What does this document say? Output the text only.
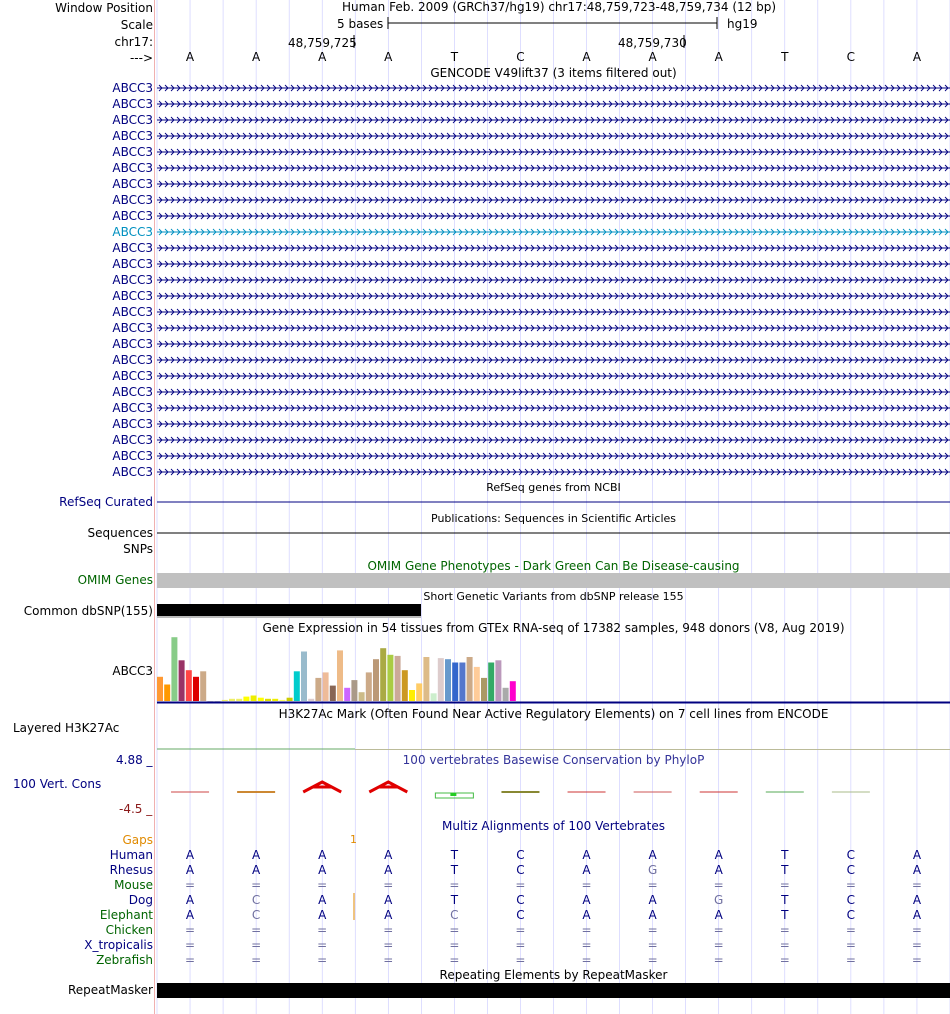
Window Position
Scale
chr17:
--->
Human Feb. 2009 (GRCh37/hg19) chr17:48,759,723-48,759,734 (12 bp)
5 bases	hg19
48,759,725	48,759,730
A	A	A	A	T	C	A	A	A	T	C	A
GENCODE V49lift37 (3 items filtered out)
ABCC3
ABCC3
ABCC3
ABCC3
ABCC3
ABCC3
ABCC3
ABCC3
ABCC3
ABCC3
ABCC3
ABCC3
ABCC3
ABCC3
ABCC3
ABCC3
ABCC3
ABCC3
ABCC3
ABCC3
ABCC3
ABCC3
ABCC3
ABCC3
ABCC3
RefSeq genes from NCBI
RefSeq Curated
Publications: Sequences in Scientific Articles
Sequences
SNPs
OMIM Gene Phenotypes - Dark Green Can Be Disease-causing
OMIM Genes
Short Genetic Variants from dbSNP release 155
Common dbSNP(155)
Gene Expression in 54 tissues from GTEx RNA-seq of 17382 samples, 948 donors (V8, Aug 2019)
ABCC3
H3K27Ac Mark (Often Found Near Active Regulatory Elements) on 7 cell lines from ENCODE
Layered H3K27Ac
100 vertebrates Basewise Conservation by PhyloP
4.88 _
100 Vert. Cons
-4.5 _
Multiz Alignments of 100 Vertebrates
Gaps	1
Human	A	A	A	A	T	C	A	A	A	T	C	A
Rhesus	A	A	A	A	T	C	A	G	A	T	C	A
Mouse	=	=	=	=	=	=	=	=	=	=	=	=
Dog	A	C	A	A	T	C	A	A	G	T	C	A
Elephant	A	C	A	A	C	C	A	A	A	T	C	A
Chicken	=	=	=	=	=	=	=	=	=	=	=	=
X_tropicalis	=	=	=	=	=	=	=	=	=	=	=	=
Zebrafish	=	=	=	=	=	=	=	=	=	=	=	=
Repeating Elements by RepeatMasker
RepeatMasker
